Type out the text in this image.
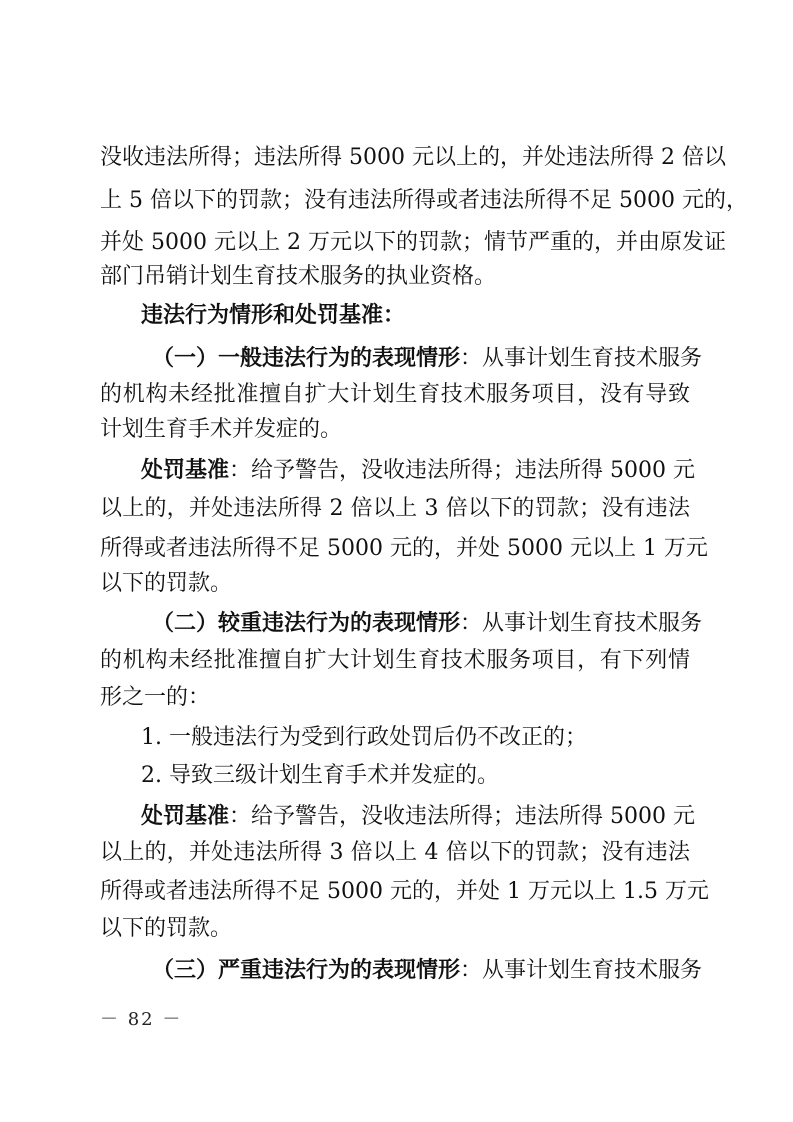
没收违法所得；违法所得 5000 元以上的，并处违法所得 2 倍以
上 5 倍以下的罚款；没有违法所得或者违法所得不足 5000 元的，
并处 5000 元以上 2 万元以下的罚款；情节严重的，并由原发证
部门吊销计划生育技术服务的执业资格。
违法行为情形和处罚基准：
（一）一般违法行为的表现情形：从事计划生育技术服务
的机构未经批准擅自扩大计划生育技术服务项目，没有导致
计划生育手术并发症的。
处罚基准：给予警告，没收违法所得；违法所得 5000 元
以上的，并处违法所得 2 倍以上 3 倍以下的罚款；没有违法
所得或者违法所得不足 5000 元的，并处 5000 元以上 1 万元
以下的罚款。
（二）较重违法行为的表现情形：从事计划生育技术服务
的机构未经批准擅自扩大计划生育技术服务项目，有下列情
形之一的：
1. 一般违法行为受到行政处罚后仍不改正的；
2. 导致三级计划生育手术并发症的。
处罚基准：给予警告，没收违法所得；违法所得 5000 元
以上的，并处违法所得 3 倍以上 4 倍以下的罚款；没有违法
所得或者违法所得不足 5000 元的，并处 1 万元以上 1.5 万元
以下的罚款。
（三）严重违法行为的表现情形：从事计划生育技术服务
－ 82 －
